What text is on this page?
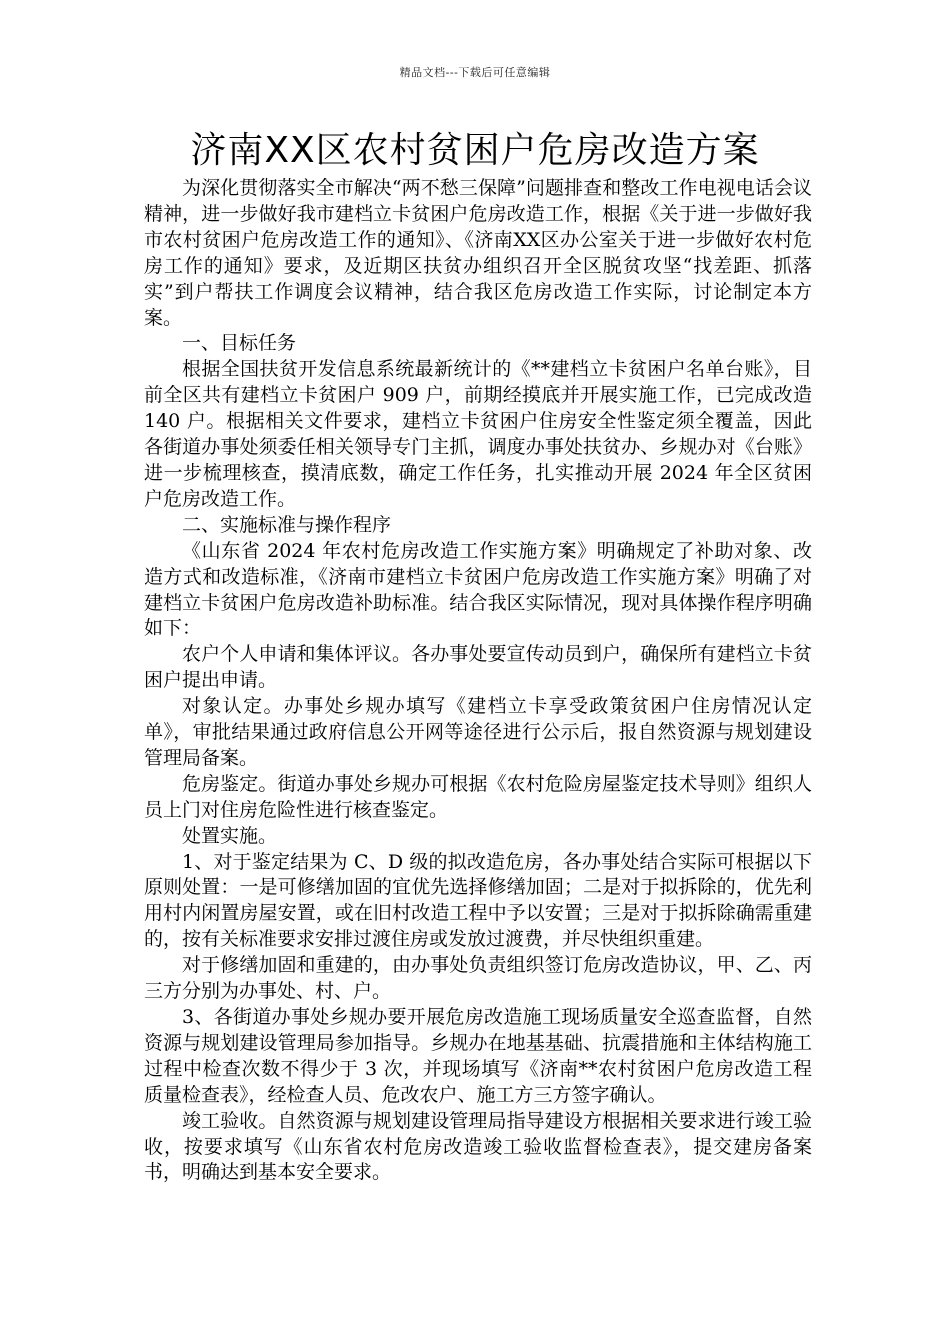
精品文档---下载后可任意编辑
济南XX区农村贫困户危房改造方案

为深化贯彻落实全市解决“两不愁三保障”问题排查和整改工作电视电话会议精神，进一步做好我市建档立卡贫困户危房改造工作，根据《关于进一步做好我市农村贫困户危房改造工作的通知》、《济南XX区办公室关于进一步做好农村危房工作的通知》要求，及近期区扶贫办组织召开全区脱贫攻坚“找差距、抓落实”到户帮扶工作调度会议精神，结合我区危房改造工作实际，讨论制定本方案。

一、目标任务

根据全国扶贫开发信息系统最新统计的《**建档立卡贫困户名单台账》，目前全区共有建档立卡贫困户 909 户，前期经摸底并开展实施工作，已完成改造 140 户。根据相关文件要求，建档立卡贫困户住房安全性鉴定须全覆盖，因此各街道办事处须委任相关领导专门主抓，调度办事处扶贫办、乡规办对《台账》进一步梳理核查，摸清底数，确定工作任务，扎实推动开展 2024 年全区贫困户危房改造工作。

二、实施标准与操作程序

《山东省 2024 年农村危房改造工作实施方案》明确规定了补助对象、改造方式和改造标准，《济南市建档立卡贫困户危房改造工作实施方案》明确了对建档立卡贫困户危房改造补助标准。结合我区实际情况，现对具体操作程序明确如下：

农户个人申请和集体评议。各办事处要宣传动员到户，确保所有建档立卡贫困户提出申请。

对象认定。办事处乡规办填写《建档立卡享受政策贫困户住房情况认定单》，审批结果通过政府信息公开网等途径进行公示后，报自然资源与规划建设管理局备案。

危房鉴定。街道办事处乡规办可根据《农村危险房屋鉴定技术导则》组织人员上门对住房危险性进行核查鉴定。

处置实施。

1、对于鉴定结果为 C、D 级的拟改造危房，各办事处结合实际可根据以下原则处置：一是可修缮加固的宜优先选择修缮加固；二是对于拟拆除的，优先利用村内闲置房屋安置，或在旧村改造工程中予以安置；三是对于拟拆除确需重建的，按有关标准要求安排过渡住房或发放过渡费，并尽快组织重建。

对于修缮加固和重建的，由办事处负责组织签订危房改造协议，甲、乙、丙三方分别为办事处、村、户。

3、各街道办事处乡规办要开展危房改造施工现场质量安全巡查监督，自然资源与规划建设管理局参加指导。乡规办在地基基础、抗震措施和主体结构施工过程中检查次数不得少于 3 次，并现场填写《济南**农村贫困户危房改造工程质量检查表》，经检查人员、危改农户、施工方三方签字确认。

竣工验收。自然资源与规划建设管理局指导建设方根据相关要求进行竣工验收，按要求填写《山东省农村危房改造竣工验收监督检查表》，提交建房备案书，明确达到基本安全要求。
